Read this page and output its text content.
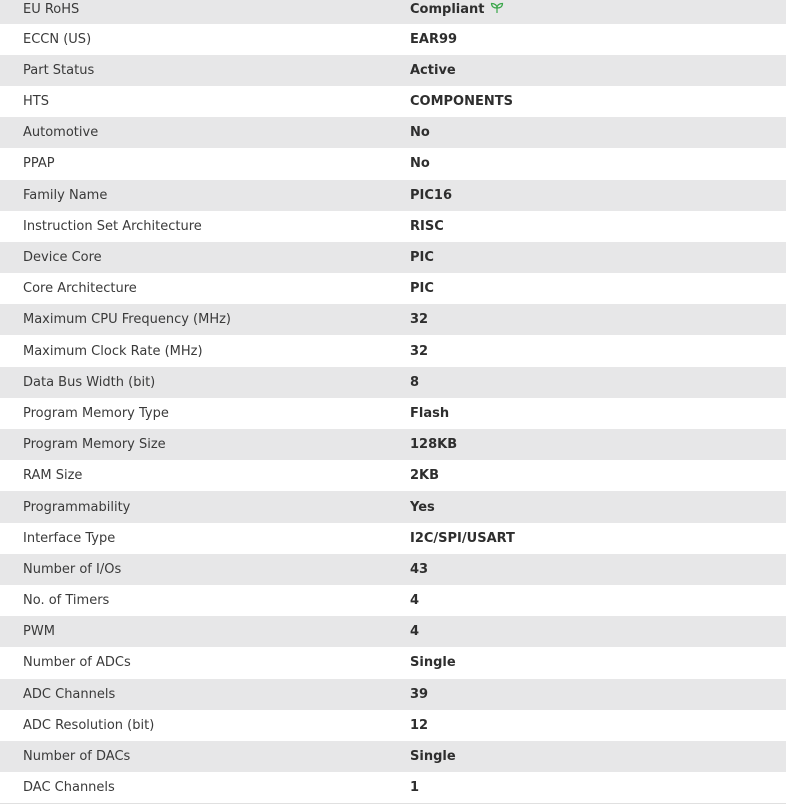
EU RoHS	Compliant
ECCN (US)	EAR99
Part Status	Active
HTS	COMPONENTS
Automotive	No
PPAP	No
Family Name	PIC16
Instruction Set Architecture	RISC
Device Core	PIC
Core Architecture	PIC
Maximum CPU Frequency (MHz)	32
Maximum Clock Rate (MHz)	32
Data Bus Width (bit)	8
Program Memory Type	Flash
Program Memory Size	128KB
RAM Size	2KB
Programmability	Yes
Interface Type	I2C/SPI/USART
Number of I/Os	43
No. of Timers	4
PWM	4
Number of ADCs	Single
ADC Channels	39
ADC Resolution (bit)	12
Number of DACs	Single
DAC Channels	1
